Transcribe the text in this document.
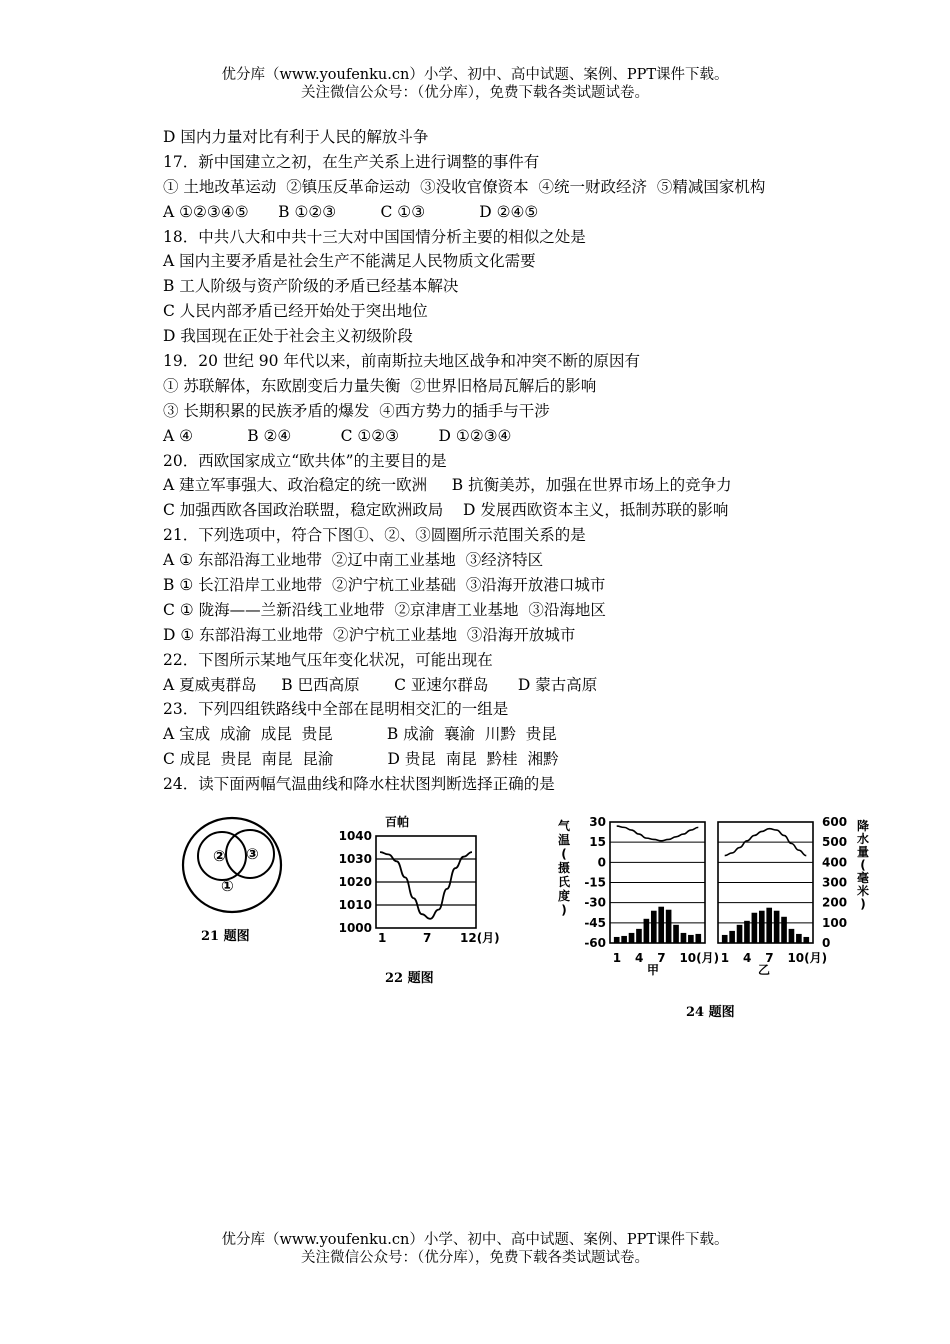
优分库（www.youfenku.cn）小学、初中、高中试题、案例、PPT课件下载。
关注微信公众号：（优分库），免费下载各类试题试卷。
D 国内力量对比有利于人民的解放斗争
17．新中国建立之初，在生产关系上进行调整的事件有
① 土地改革运动  ②镇压反革命运动  ③没收官僚资本  ④统一财政经济  ⑤精减国家机构
A ①②③④⑤      B ①②③         C ①③           D ②④⑤
18．中共八大和中共十三大对中国国情分析主要的相似之处是
A 国内主要矛盾是社会生产不能满足人民物质文化需要
B 工人阶级与资产阶级的矛盾已经基本解决
C 人民内部矛盾已经开始处于突出地位
D 我国现在正处于社会主义初级阶段
19．20 世纪 90 年代以来，前南斯拉夫地区战争和冲突不断的原因有
① 苏联解体，东欧剧变后力量失衡  ②世界旧格局瓦解后的影响
③ 长期积累的民族矛盾的爆发  ④西方势力的插手与干涉
A ④           B ②④          C ①②③        D ①②③④
20．西欧国家成立“欧共体”的主要目的是
A 建立军事强大、政治稳定的统一欧洲     B 抗衡美苏，加强在世界市场上的竞争力
C 加强西欧各国政治联盟，稳定欧洲政局    D 发展西欧资本主义，抵制苏联的影响
21．下列选项中，符合下图①、②、③圆圈所示范围关系的是
A ① 东部沿海工业地带  ②辽中南工业基地  ③经济特区
B ① 长江沿岸工业地带  ②沪宁杭工业基础  ③沿海开放港口城市
C ① 陇海——兰新沿线工业地带  ②京津唐工业基地  ③沿海地区
D ① 东部沿海工业地带  ②沪宁杭工业基地  ③沿海开放城市
22．下图所示某地气压年变化状况，可能出现在
A 夏威夷群岛     B 巴西高原       C 亚速尔群岛      D 蒙古高原
23．下列四组铁路线中全部在昆明相交汇的一组是
A 宝成  成渝  成昆  贵昆           B 成渝  襄渝  川黔  贵昆
C 成昆  贵昆  南昆  昆渝           D 贵昆  南昆  黔桂  湘黔
24．读下面两幅气温曲线和降水柱状图判断选择正确的是
② ③
①
21 题图
百帕
1040
1030
1020
1010
1000
1	7 12(月)
22 题图
气
温
(
摄
氏
度
)
30
15
0
-15
-30
-45
-60
600
500
400
300
200
100
0
降
水
量
(
毫
米
)
1 4 7 10(月) 1 4 7 10(月)
甲	乙
24 题图
优分库（www.youfenku.cn）小学、初中、高中试题、案例、PPT课件下载。
关注微信公众号：（优分库），免费下载各类试题试卷。
